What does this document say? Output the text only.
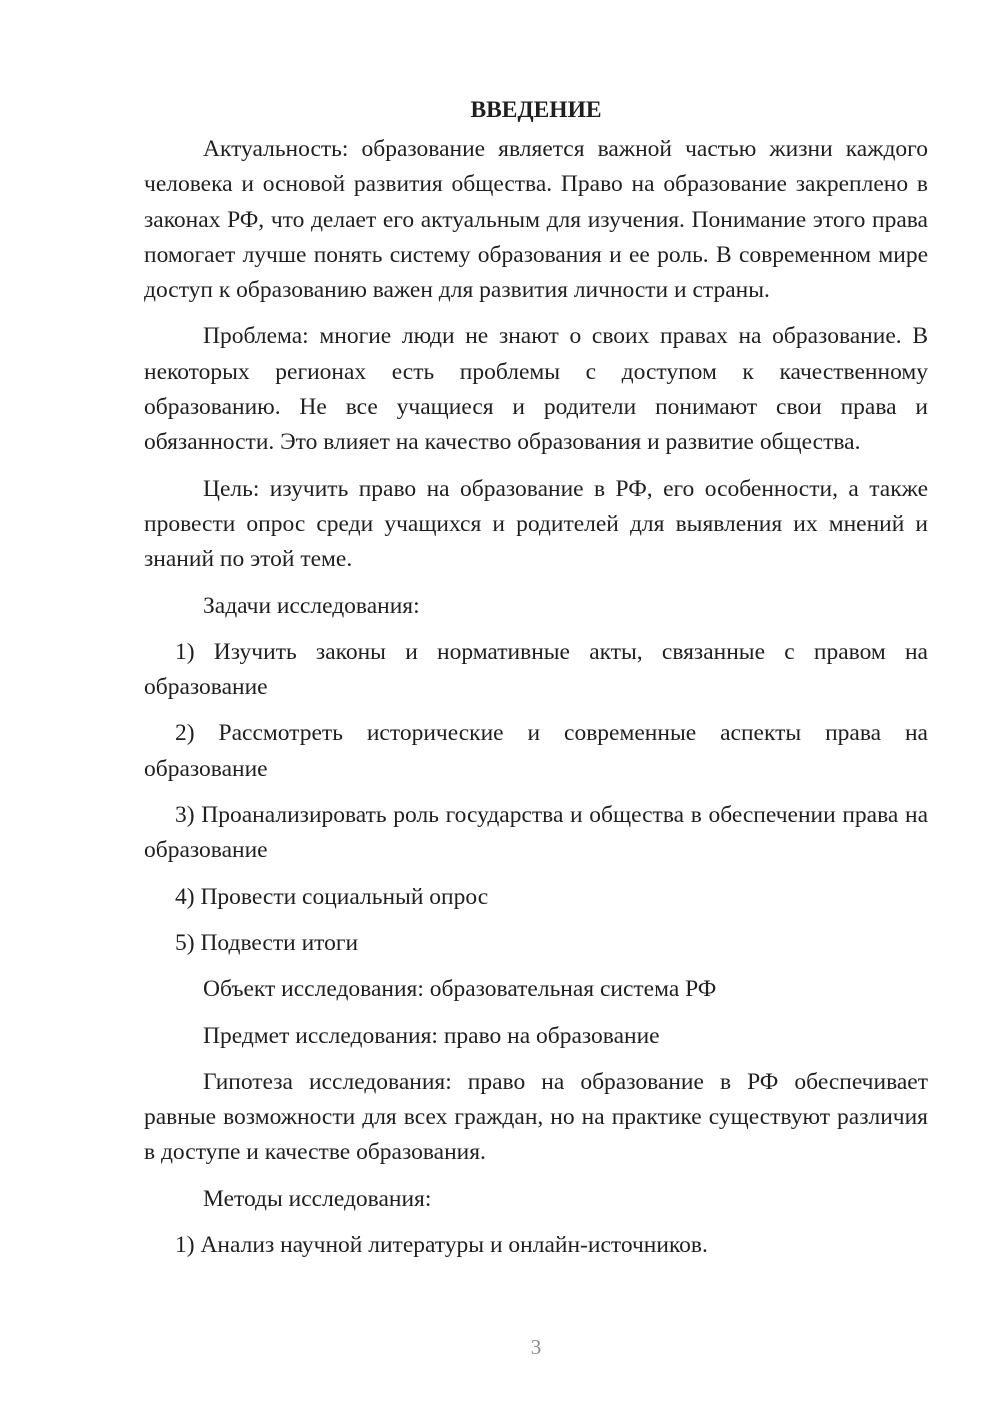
ВВЕДЕНИЕ

Актуальность: образование является важной частью жизни каждого человека и основой развития общества. Право на образование закреплено в законах РФ, что делает его актуальным для изучения. Понимание этого права помогает лучше понять систему образования и ее роль. В современном мире доступ к образованию важен для развития личности и страны.

Проблема: многие люди не знают о своих правах на образование. В некоторых регионах есть проблемы с доступом к качественному образованию. Не все учащиеся и родители понимают свои права и обязанности. Это влияет на качество образования и развитие общества.

Цель: изучить право на образование в РФ, его особенности, а также провести опрос среди учащихся и родителей для выявления их мнений и знаний по этой теме.

Задачи исследования:

1) Изучить законы и нормативные акты, связанные с правом на образование

2) Рассмотреть исторические и современные аспекты права на образование

3) Проанализировать роль государства и общества в обеспечении права на образование

4) Провести социальный опрос

5) Подвести итоги

Объект исследования: образовательная система РФ

Предмет исследования: право на образование

Гипотеза исследования: право на образование в РФ обеспечивает равные возможности для всех граждан, но на практике существуют различия в доступе и качестве образования.

Методы исследования:

1) Анализ научной литературы и онлайн-источников.

3
